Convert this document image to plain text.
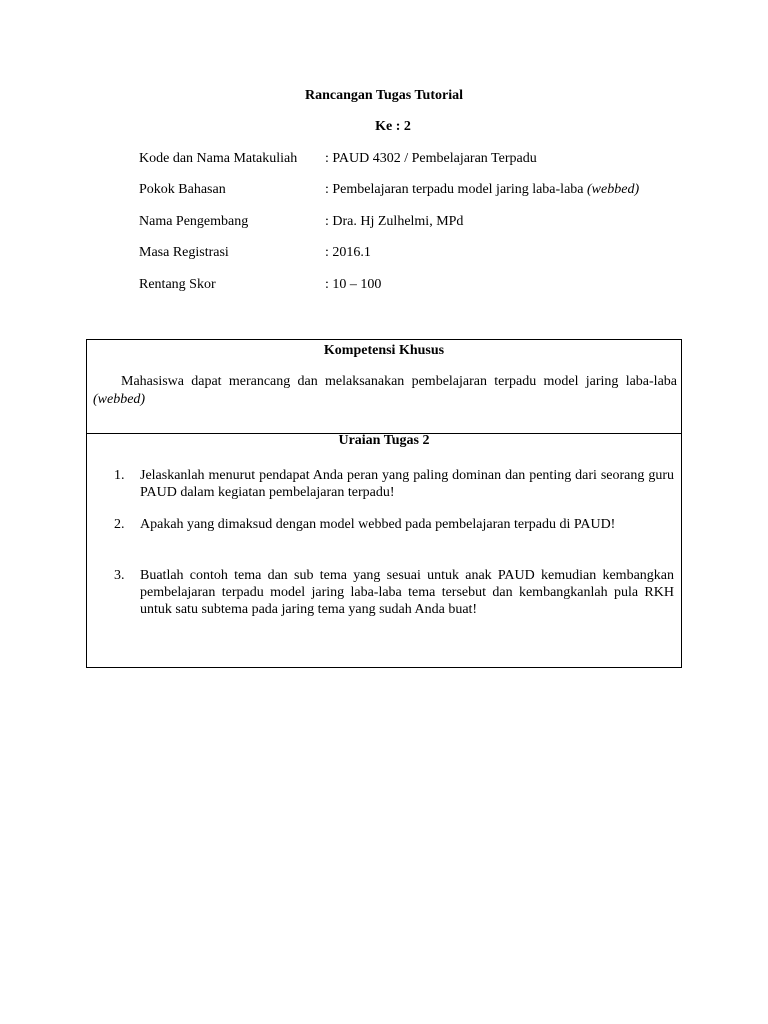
Rancangan Tugas Tutorial
Ke : 2
Kode dan Nama Matakuliah : PAUD 4302 / Pembelajaran Terpadu
Pokok Bahasan	: Pembelajaran terpadu model jaring laba-laba (webbed)
Nama Pengembang	: Dra. Hj Zulhelmi, MPd
Masa Registrasi	: 2016.1
Rentang Skor	: 10 – 100
Kompetensi Khusus
Mahasiswa dapat merancang dan melaksanakan pembelajaran terpadu model jaring laba-laba (webbed)
Uraian Tugas 2
1. Jelaskanlah menurut pendapat Anda peran yang paling dominan dan penting dari seorang guru PAUD dalam kegiatan pembelajaran terpadu!
2. Apakah yang dimaksud dengan model webbed pada pembelajaran terpadu di PAUD!
3. Buatlah contoh tema dan sub tema yang sesuai untuk anak PAUD kemudian kembangkan pembelajaran terpadu model jaring laba-laba tema tersebut dan kembangkanlah pula RKH untuk satu subtema pada jaring tema yang sudah Anda buat!
